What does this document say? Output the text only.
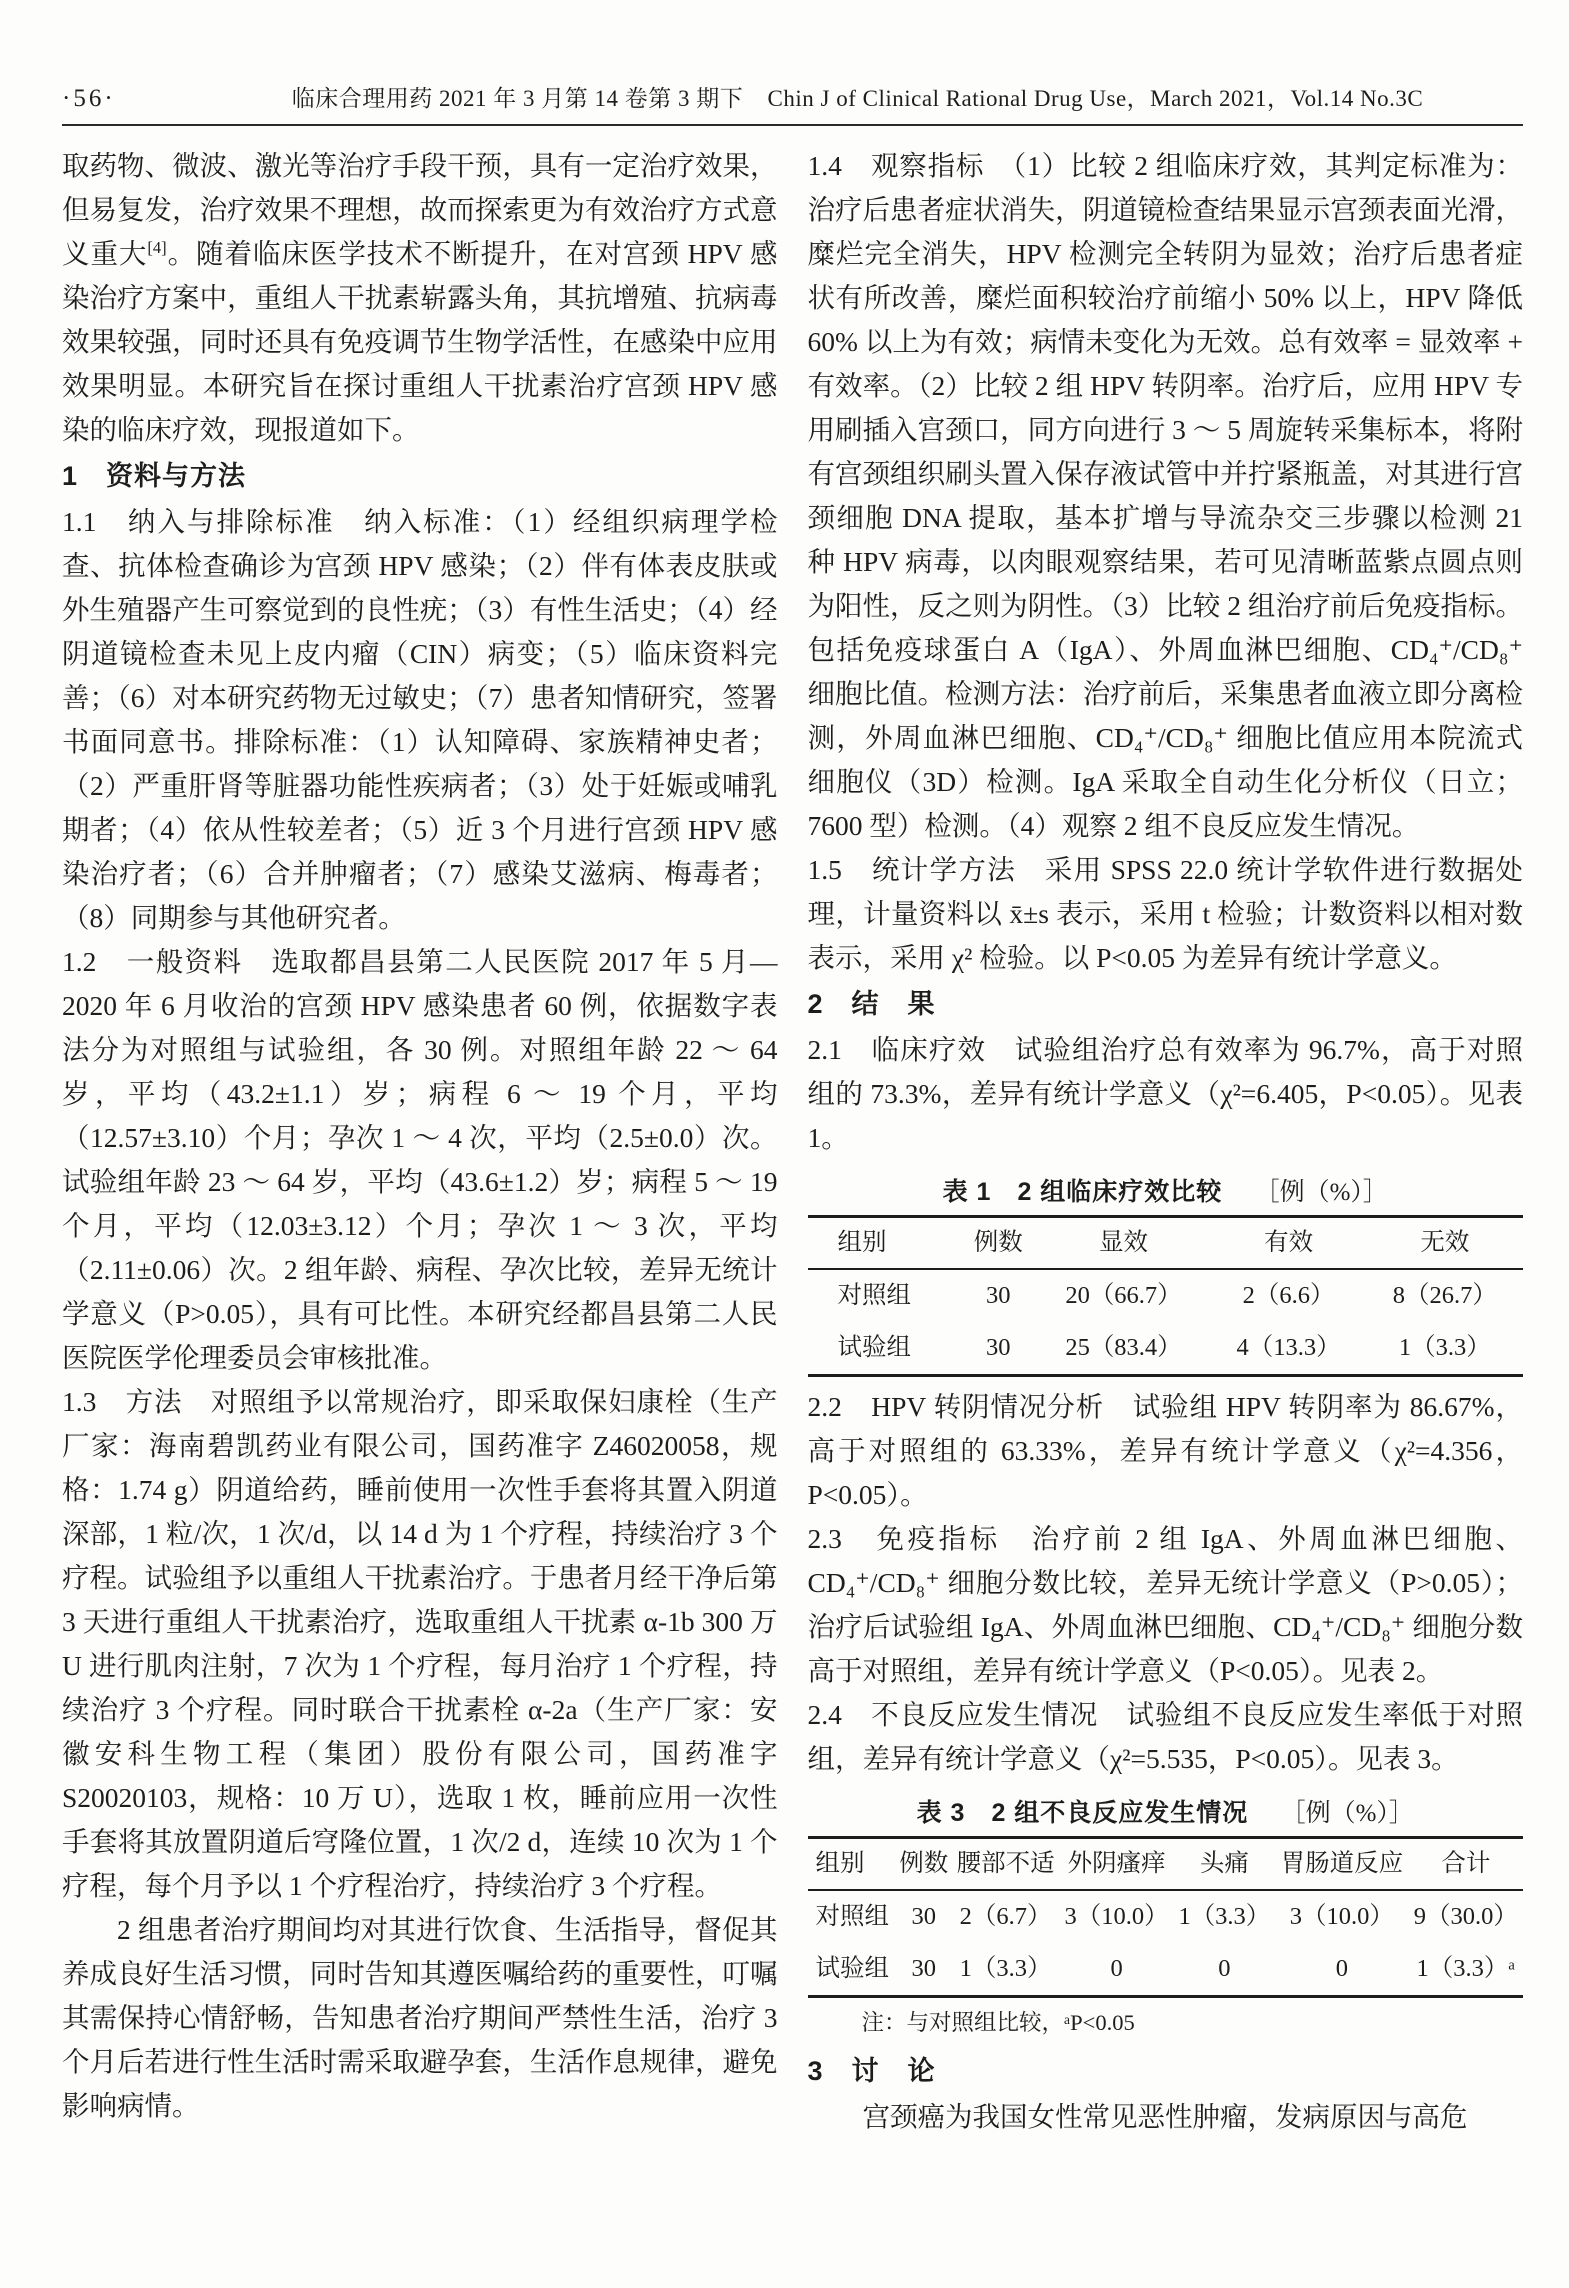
·56·	临床合理用药 2021 年 3 月第 14 卷第 3 期下 Chin J of Clinical Rational Drug Use，March 2021，Vol.14 No.3C

取药物、微波、激光等治疗手段干预，具有一定治疗效果，但易复发，治疗效果不理想，故而探索更为有效治疗方式意义重大[4]。随着临床医学技术不断提升，在对宫颈 HPV 感染治疗方案中，重组人干扰素崭露头角，其抗增殖、抗病毒效果较强，同时还具有免疫调节生物学活性，在感染中应用效果明显。本研究旨在探讨重组人干扰素治疗宫颈 HPV 感染的临床疗效，现报道如下。

1　资料与方法

1.1　纳入与排除标准　纳入标准：（1）经组织病理学检查、抗体检查确诊为宫颈 HPV 感染；（2）伴有体表皮肤或外生殖器产生可察觉到的良性疣；（3）有性生活史；（4）经阴道镜检查未见上皮内瘤（CIN）病变；（5）临床资料完善；（6）对本研究药物无过敏史；（7）患者知情研究，签署书面同意书。排除标准：（1）认知障碍、家族精神史者；（2）严重肝肾等脏器功能性疾病者；（3）处于妊娠或哺乳期者；（4）依从性较差者；（5）近 3 个月进行宫颈 HPV 感染治疗者；（6）合并肿瘤者；（7）感染艾滋病、梅毒者；（8）同期参与其他研究者。

1.2　一般资料　选取都昌县第二人民医院 2017 年 5 月—2020 年 6 月收治的宫颈 HPV 感染患者 60 例，依据数字表法分为对照组与试验组，各 30 例。对照组年龄 22 ～ 64 岁，平均（43.2±1.1）岁；病程 6 ～ 19 个月，平均（12.57±3.10）个月；孕次 1 ～ 4 次，平均（2.5±0.0）次。试验组年龄 23 ～ 64 岁，平均（43.6±1.2）岁；病程 5 ～ 19 个月，平均（12.03±3.12）个月；孕次 1 ～ 3 次，平均（2.11±0.06）次。2 组年龄、病程、孕次比较，差异无统计学意义（P>0.05），具有可比性。本研究经都昌县第二人民医院医学伦理委员会审核批准。

1.3　方法　对照组予以常规治疗，即采取保妇康栓（生产厂家：海南碧凯药业有限公司，国药准字 Z46020058，规格：1.74 g）阴道给药，睡前使用一次性手套将其置入阴道深部，1 粒/次，1 次/d，以 14 d 为 1 个疗程，持续治疗 3 个疗程。试验组予以重组人干扰素治疗。于患者月经干净后第 3 天进行重组人干扰素治疗，选取重组人干扰素 α-1b 300 万 U 进行肌肉注射，7 次为 1 个疗程，每月治疗 1 个疗程，持续治疗 3 个疗程。同时联合干扰素栓 α-2a（生产厂家：安徽安科生物工程（集团）股份有限公司，国药准字 S20020103，规格：10 万 U），选取 1 枚，睡前应用一次性手套将其放置阴道后穹隆位置，1 次/2 d，连续 10 次为 1 个疗程，每个月予以 1 个疗程治疗，持续治疗 3 个疗程。

2 组患者治疗期间均对其进行饮食、生活指导，督促其养成良好生活习惯，同时告知其遵医嘱给药的重要性，叮嘱其需保持心情舒畅，告知患者治疗期间严禁性生活，治疗 3 个月后若进行性生活时需采取避孕套，生活作息规律，避免影响病情。

1.4　观察指标　（1）比较 2 组临床疗效，其判定标准为：治疗后患者症状消失，阴道镜检查结果显示宫颈表面光滑，糜烂完全消失，HPV 检测完全转阴为显效；治疗后患者症状有所改善，糜烂面积较治疗前缩小 50% 以上，HPV 降低 60% 以上为有效；病情未变化为无效。总有效率 = 显效率 + 有效率。（2）比较 2 组 HPV 转阴率。治疗后，应用 HPV 专用刷插入宫颈口，同方向进行 3 ～ 5 周旋转采集标本，将附有宫颈组织刷头置入保存液试管中并拧紧瓶盖，对其进行宫颈细胞 DNA 提取，基本扩增与导流杂交三步骤以检测 21 种 HPV 病毒，以肉眼观察结果，若可见清晰蓝紫点圆点则为阳性，反之则为阴性。（3）比较 2 组治疗前后免疫指标。包括免疫球蛋白 A（IgA）、外周血淋巴细胞、CD₄⁺/CD₈⁺ 细胞比值。检测方法：治疗前后，采集患者血液立即分离检测，外周血淋巴细胞、CD₄⁺/CD₈⁺ 细胞比值应用本院流式细胞仪（3D）检测。IgA 采取全自动生化分析仪（日立；7600 型）检测。（4）观察 2 组不良反应发生情况。

1.5　统计学方法　采用 SPSS 22.0 统计学软件进行数据处理，计量资料以 x̄±s 表示，采用 t 检验；计数资料以相对数表示，采用 χ² 检验。以 P<0.05 为差异有统计学意义。

2　结　果

2.1　临床疗效　试验组治疗总有效率为 96.7%，高于对照组的 73.3%，差异有统计学意义（χ²=6.405，P<0.05）。见表 1。

表 1　2 组临床疗效比较 ［例（%）］
组别	例数	显效	有效	无效
对照组	30	20（66.7）	2（6.6）	8（26.7）
试验组	30	25（83.4）	4（13.3）	1（3.3）

2.2　HPV 转阴情况分析　试验组 HPV 转阴率为 86.67%，高于对照组的 63.33%，差异有统计学意义（χ²=4.356，P<0.05）。

2.3　免疫指标　治疗前 2 组 IgA、外周血淋巴细胞、CD₄⁺/CD₈⁺ 细胞分数比较，差异无统计学意义（P>0.05）；治疗后试验组 IgA、外周血淋巴细胞、CD₄⁺/CD₈⁺ 细胞分数高于对照组，差异有统计学意义（P<0.05）。见表 2。

2.4　不良反应发生情况　试验组不良反应发生率低于对照组，差异有统计学意义（χ²=5.535，P<0.05）。见表 3。

表 3　2 组不良反应发生情况 ［例（%）］
组别	例数	腰部不适	外阴瘙痒	头痛	胃肠道反应	合计
对照组	30	2（6.7）	3（10.0）	1（3.3）	3（10.0）	9（30.0）
试验组	30	1（3.3）	0	0	0	1（3.3）ᵃ

注：与对照组比较，ᵃP<0.05

3　讨　论

宫颈癌为我国女性常见恶性肿瘤，发病原因与高危
